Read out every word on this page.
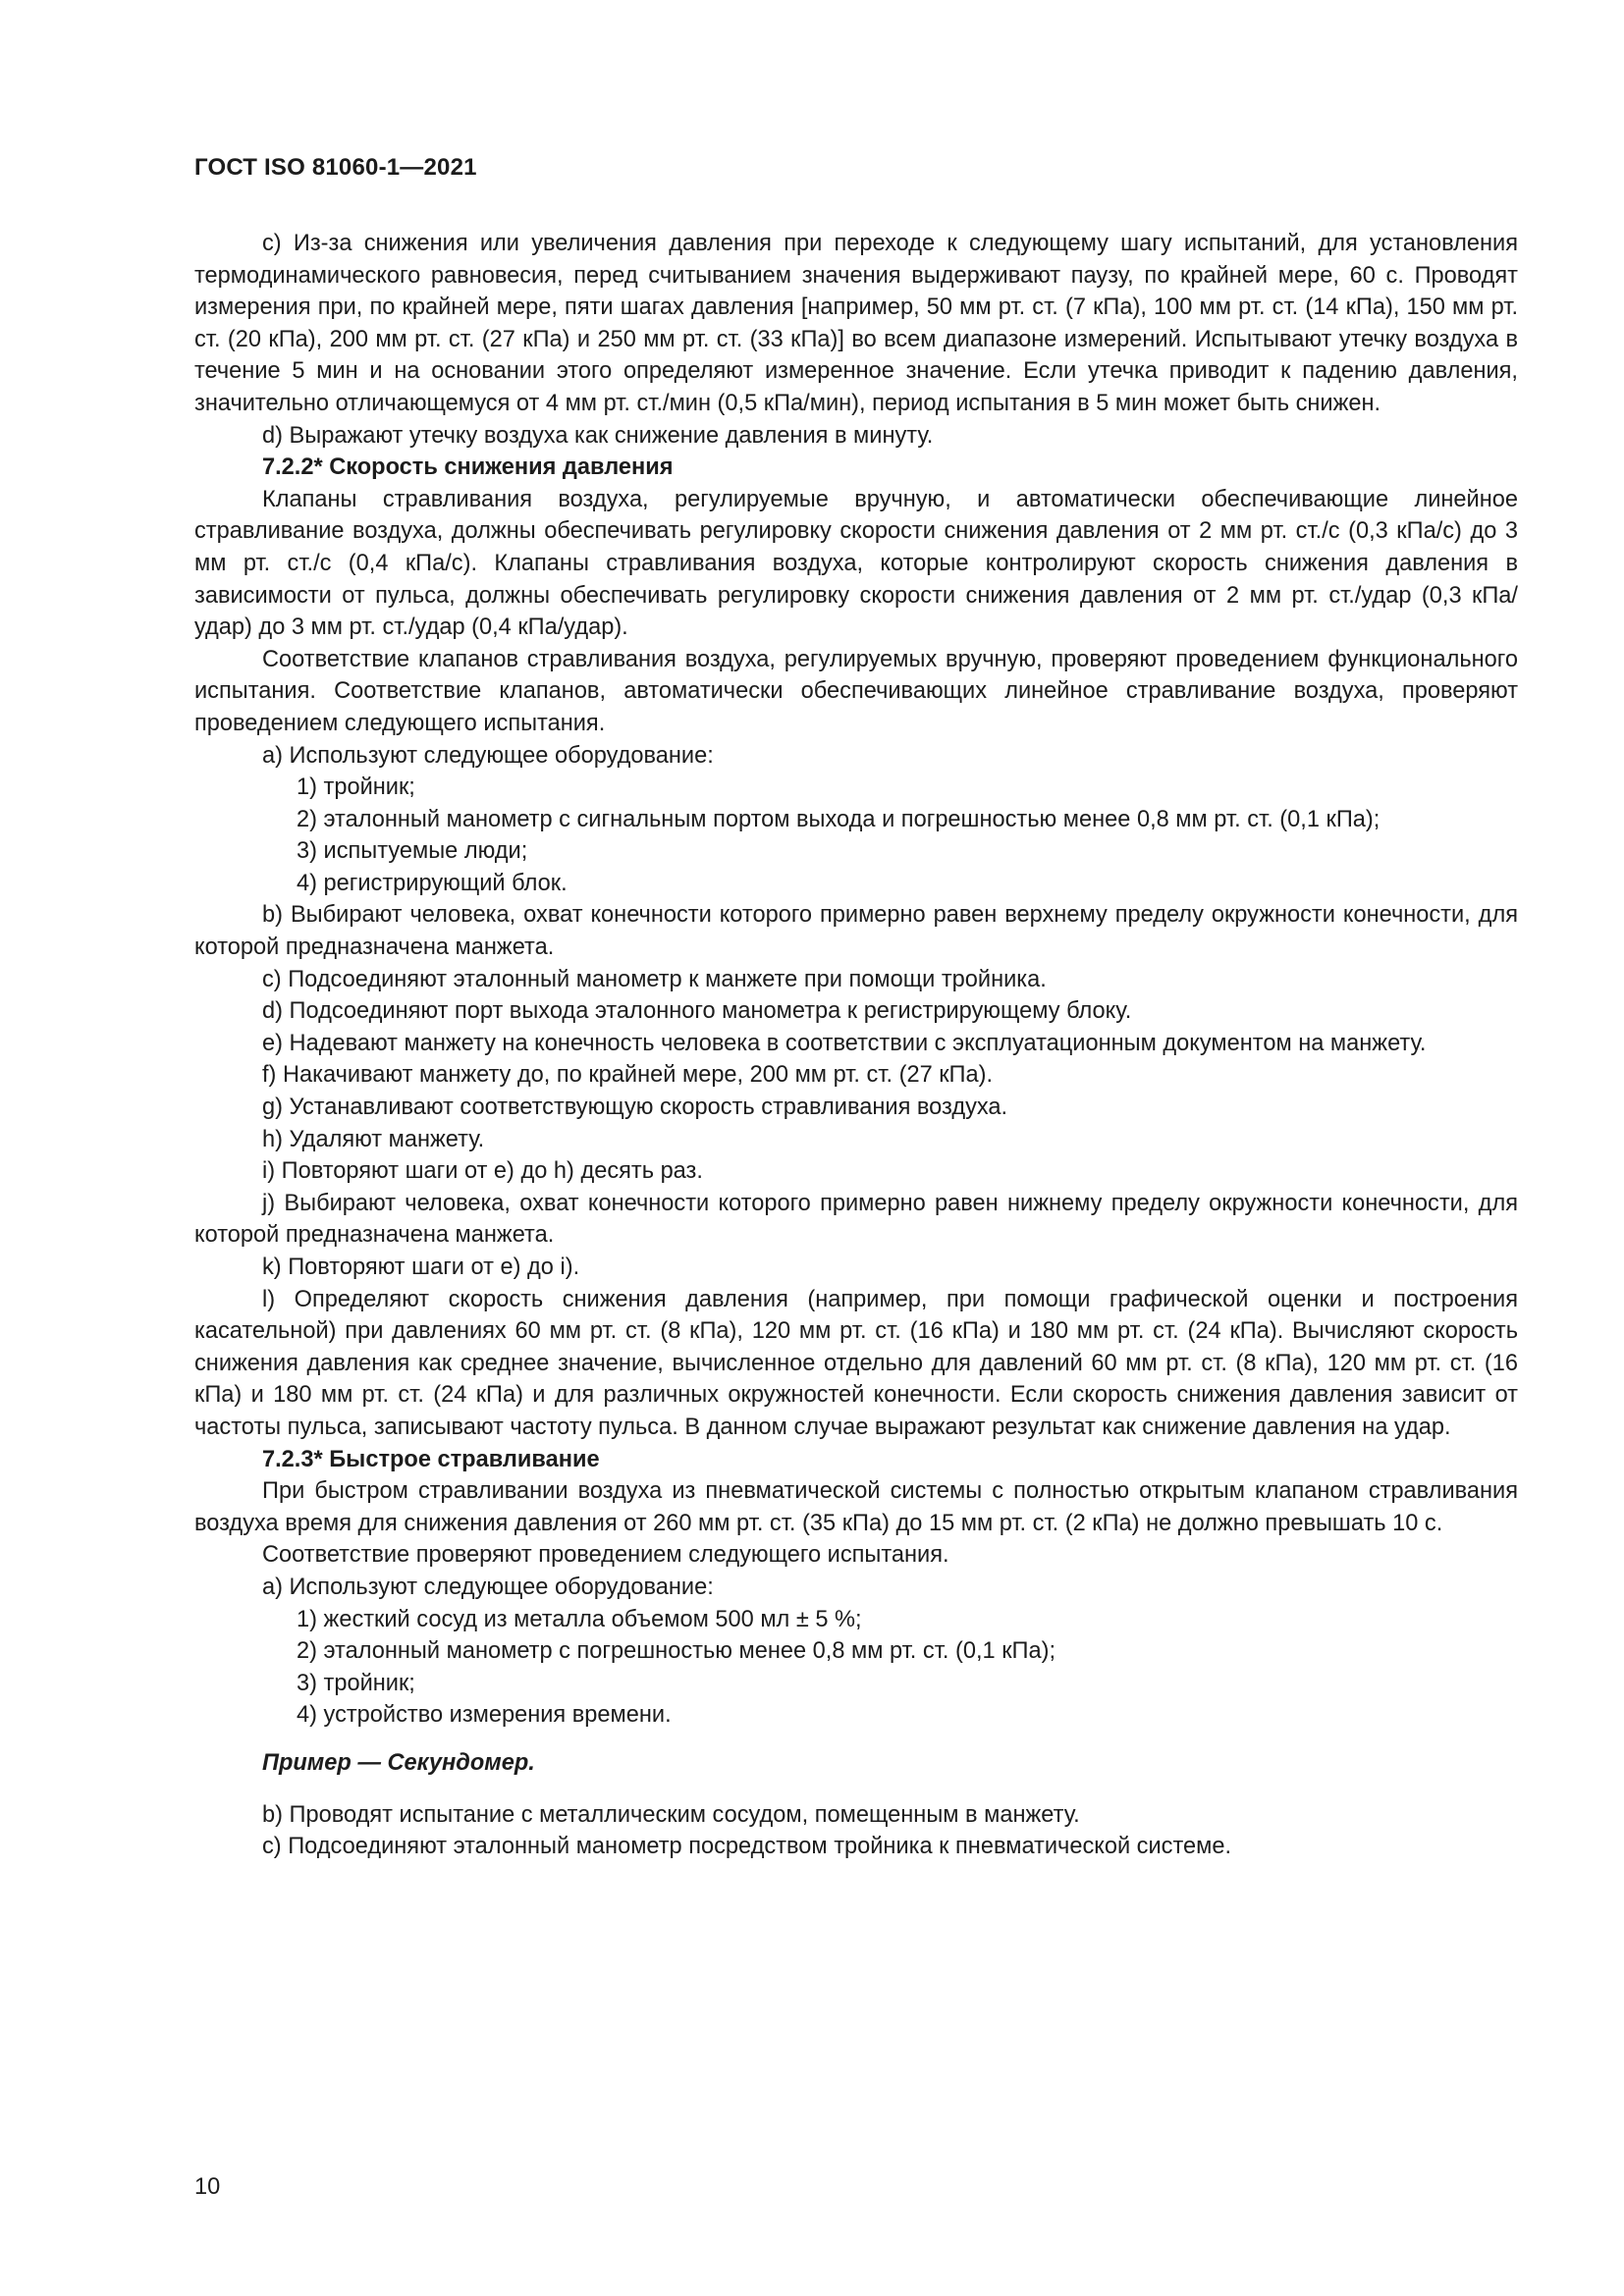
ГОСТ ISO 81060-1—2021

c) Из-за снижения или увеличения давления при переходе к следующему шагу испытаний, для установления термодинамического равновесия, перед считыванием значения выдерживают паузу, по крайней мере, 60 с. Проводят измерения при, по крайней мере, пяти шагах давления [например, 50 мм рт. ст. (7 кПа), 100 мм рт. ст. (14 кПа), 150 мм рт. ст. (20 кПа), 200 мм рт. ст. (27 кПа) и 250 мм рт. ст. (33 кПа)] во всем диапазоне измерений. Испытывают утечку воздуха в течение 5 мин и на основании этого определяют измеренное значение. Если утечка приводит к падению давления, значительно отличающемуся от 4 мм рт. ст./мин (0,5 кПа/мин), период испытания в 5 мин может быть снижен.

d) Выражают утечку воздуха как снижение давления в минуту.

7.2.2* Скорость снижения давления

Клапаны стравливания воздуха, регулируемые вручную, и автоматически обеспечивающие линейное стравливание воздуха, должны обеспечивать регулировку скорости снижения давления от 2 мм рт. ст./с (0,3 кПа/с) до 3 мм рт. ст./с (0,4 кПа/с). Клапаны стравливания воздуха, которые контролируют скорость снижения давления в зависимости от пульса, должны обеспечивать регулировку скорости снижения давления от 2 мм рт. ст./удар (0,3 кПа/удар) до 3 мм рт. ст./удар (0,4 кПа/удар).

Соответствие клапанов стравливания воздуха, регулируемых вручную, проверяют проведением функционального испытания. Соответствие клапанов, автоматически обеспечивающих линейное стравливание воздуха, проверяют проведением следующего испытания.

a) Используют следующее оборудование:

1) тройник;

2) эталонный манометр с сигнальным портом выхода и погрешностью менее 0,8 мм рт. ст. (0,1 кПа);

3) испытуемые люди;

4) регистрирующий блок.

b) Выбирают человека, охват конечности которого примерно равен верхнему пределу окружности конечности, для которой предназначена манжета.

c) Подсоединяют эталонный манометр к манжете при помощи тройника.

d) Подсоединяют порт выхода эталонного манометра к регистрирующему блоку.

e) Надевают манжету на конечность человека в соответствии с эксплуатационным документом на манжету.

f) Накачивают манжету до, по крайней мере, 200 мм рт. ст. (27 кПа).

g) Устанавливают соответствующую скорость стравливания воздуха.

h) Удаляют манжету.

i) Повторяют шаги от e) до h) десять раз.

j) Выбирают человека, охват конечности которого примерно равен нижнему пределу окружности конечности, для которой предназначена манжета.

k) Повторяют шаги от e) до i).

l) Определяют скорость снижения давления (например, при помощи графической оценки и построения касательной) при давлениях 60 мм рт. ст. (8 кПа), 120 мм рт. ст. (16 кПа) и 180 мм рт. ст. (24 кПа). Вычисляют скорость снижения давления как среднее значение, вычисленное отдельно для давлений 60 мм рт. ст. (8 кПа), 120 мм рт. ст. (16 кПа) и 180 мм рт. ст. (24 кПа) и для различных окружностей конечности. Если скорость снижения давления зависит от частоты пульса, записывают частоту пульса. В данном случае выражают результат как снижение давления на удар.

7.2.3* Быстрое стравливание

При быстром стравливании воздуха из пневматической системы с полностью открытым клапаном стравливания воздуха время для снижения давления от 260 мм рт. ст. (35 кПа) до 15 мм рт. ст. (2 кПа) не должно превышать 10 с.

Соответствие проверяют проведением следующего испытания.

a) Используют следующее оборудование:

1) жесткий сосуд из металла объемом 500 мл ± 5 %;

2) эталонный манометр с погрешностью менее 0,8 мм рт. ст. (0,1 кПа);

3) тройник;

4) устройство измерения времени.

Пример — Секундомер.

b) Проводят испытание с металлическим сосудом, помещенным в манжету.

c) Подсоединяют эталонный манометр посредством тройника к пневматической системе.

10
